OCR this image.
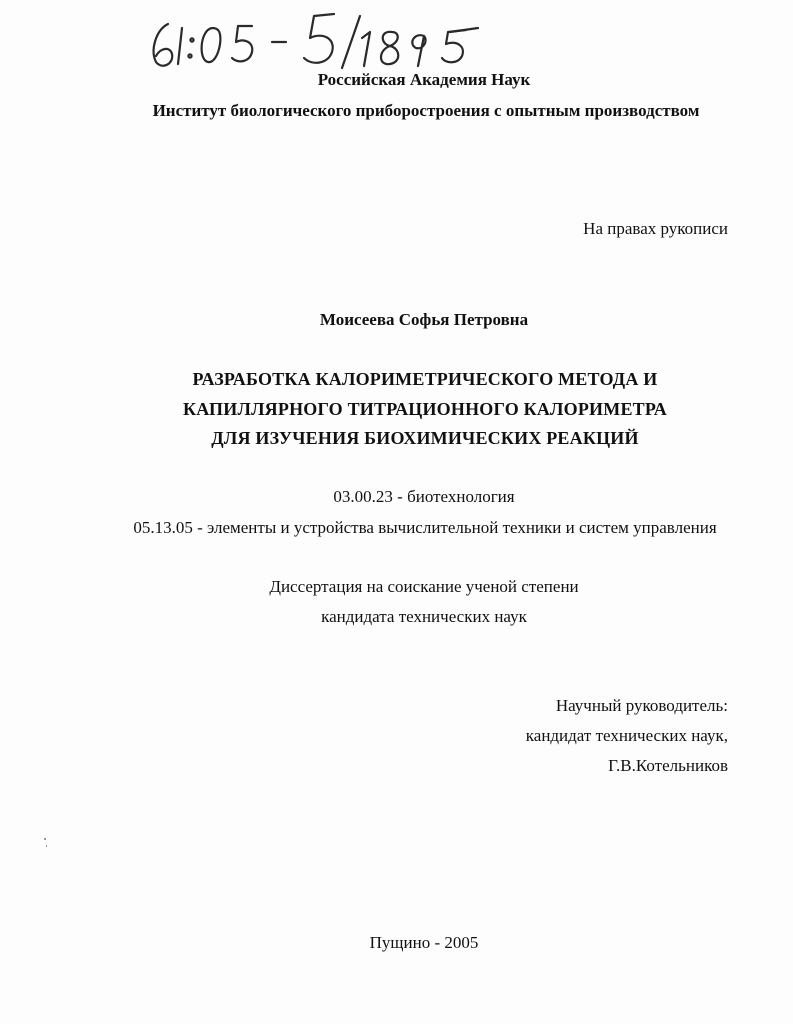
Российская Академия Наук
Институт биологического приборостроения с опытным производством
На правах рукописи
Моисеева Софья Петровна
РАЗРАБОТКА КАЛОРИМЕТРИЧЕСКОГО МЕТОДА И
КАПИЛЛЯРНОГО ТИТРАЦИОННОГО КАЛОРИМЕТРА
ДЛЯ ИЗУЧЕНИЯ БИОХИМИЧЕСКИХ РЕАКЦИЙ
03.00.23 - биотехнология
05.13.05 - элементы и устройства вычислительной техники и систем управления
Диссертация на соискание ученой степени
кандидата технических наук
Научный руководитель:
кандидат технических наук,
Г.В.Котельников
Пущино - 2005
